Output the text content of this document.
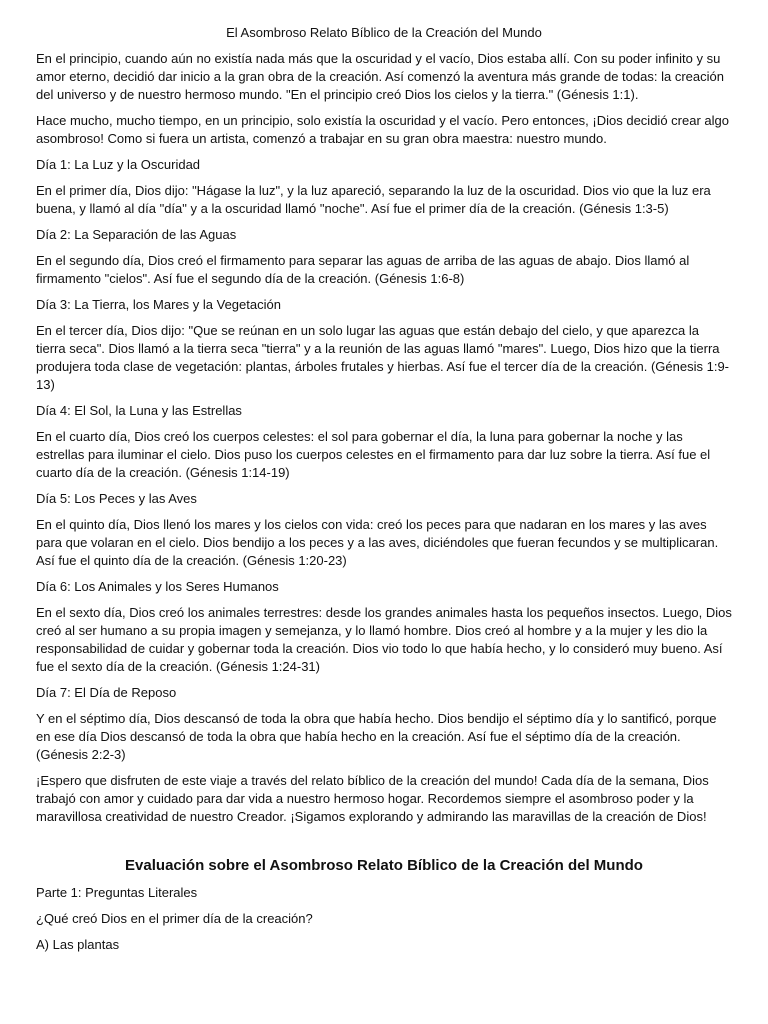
El Asombroso Relato Bíblico de la Creación del Mundo

En el principio, cuando aún no existía nada más que la oscuridad y el vacío, Dios estaba allí. Con su poder infinito y su amor eterno, decidió dar inicio a la gran obra de la creación. Así comenzó la aventura más grande de todas: la creación del universo y de nuestro hermoso mundo. "En el principio creó Dios los cielos y la tierra." (Génesis 1:1).

Hace mucho, mucho tiempo, en un principio, solo existía la oscuridad y el vacío. Pero entonces, ¡Dios decidió crear algo asombroso! Como si fuera un artista, comenzó a trabajar en su gran obra maestra: nuestro mundo.

Día 1: La Luz y la Oscuridad

En el primer día, Dios dijo: "Hágase la luz", y la luz apareció, separando la luz de la oscuridad. Dios vio que la luz era buena, y llamó al día "día" y a la oscuridad llamó "noche". Así fue el primer día de la creación. (Génesis 1:3-5)

Día 2: La Separación de las Aguas

En el segundo día, Dios creó el firmamento para separar las aguas de arriba de las aguas de abajo. Dios llamó al firmamento "cielos". Así fue el segundo día de la creación. (Génesis 1:6-8)

Día 3: La Tierra, los Mares y la Vegetación

En el tercer día, Dios dijo: "Que se reúnan en un solo lugar las aguas que están debajo del cielo, y que aparezca la tierra seca". Dios llamó a la tierra seca "tierra" y a la reunión de las aguas llamó "mares". Luego, Dios hizo que la tierra produjera toda clase de vegetación: plantas, árboles frutales y hierbas. Así fue el tercer día de la creación. (Génesis 1:9-13)

Día 4: El Sol, la Luna y las Estrellas

En el cuarto día, Dios creó los cuerpos celestes: el sol para gobernar el día, la luna para gobernar la noche y las estrellas para iluminar el cielo. Dios puso los cuerpos celestes en el firmamento para dar luz sobre la tierra. Así fue el cuarto día de la creación. (Génesis 1:14-19)

Día 5: Los Peces y las Aves

En el quinto día, Dios llenó los mares y los cielos con vida: creó los peces para que nadaran en los mares y las aves para que volaran en el cielo. Dios bendijo a los peces y a las aves, diciéndoles que fueran fecundos y se multiplicaran. Así fue el quinto día de la creación. (Génesis 1:20-23)

Día 6: Los Animales y los Seres Humanos

En el sexto día, Dios creó los animales terrestres: desde los grandes animales hasta los pequeños insectos. Luego, Dios creó al ser humano a su propia imagen y semejanza, y lo llamó hombre. Dios creó al hombre y a la mujer y les dio la responsabilidad de cuidar y gobernar toda la creación. Dios vio todo lo que había hecho, y lo consideró muy bueno. Así fue el sexto día de la creación. (Génesis 1:24-31)

Día 7: El Día de Reposo

Y en el séptimo día, Dios descansó de toda la obra que había hecho. Dios bendijo el séptimo día y lo santificó, porque en ese día Dios descansó de toda la obra que había hecho en la creación. Así fue el séptimo día de la creación. (Génesis 2:2-3)

¡Espero que disfruten de este viaje a través del relato bíblico de la creación del mundo! Cada día de la semana, Dios trabajó con amor y cuidado para dar vida a nuestro hermoso hogar. Recordemos siempre el asombroso poder y la maravillosa creatividad de nuestro Creador. ¡Sigamos explorando y admirando las maravillas de la creación de Dios!

Evaluación sobre el Asombroso Relato Bíblico de la Creación del Mundo

Parte 1: Preguntas Literales

¿Qué creó Dios en el primer día de la creación?

A) Las plantas
